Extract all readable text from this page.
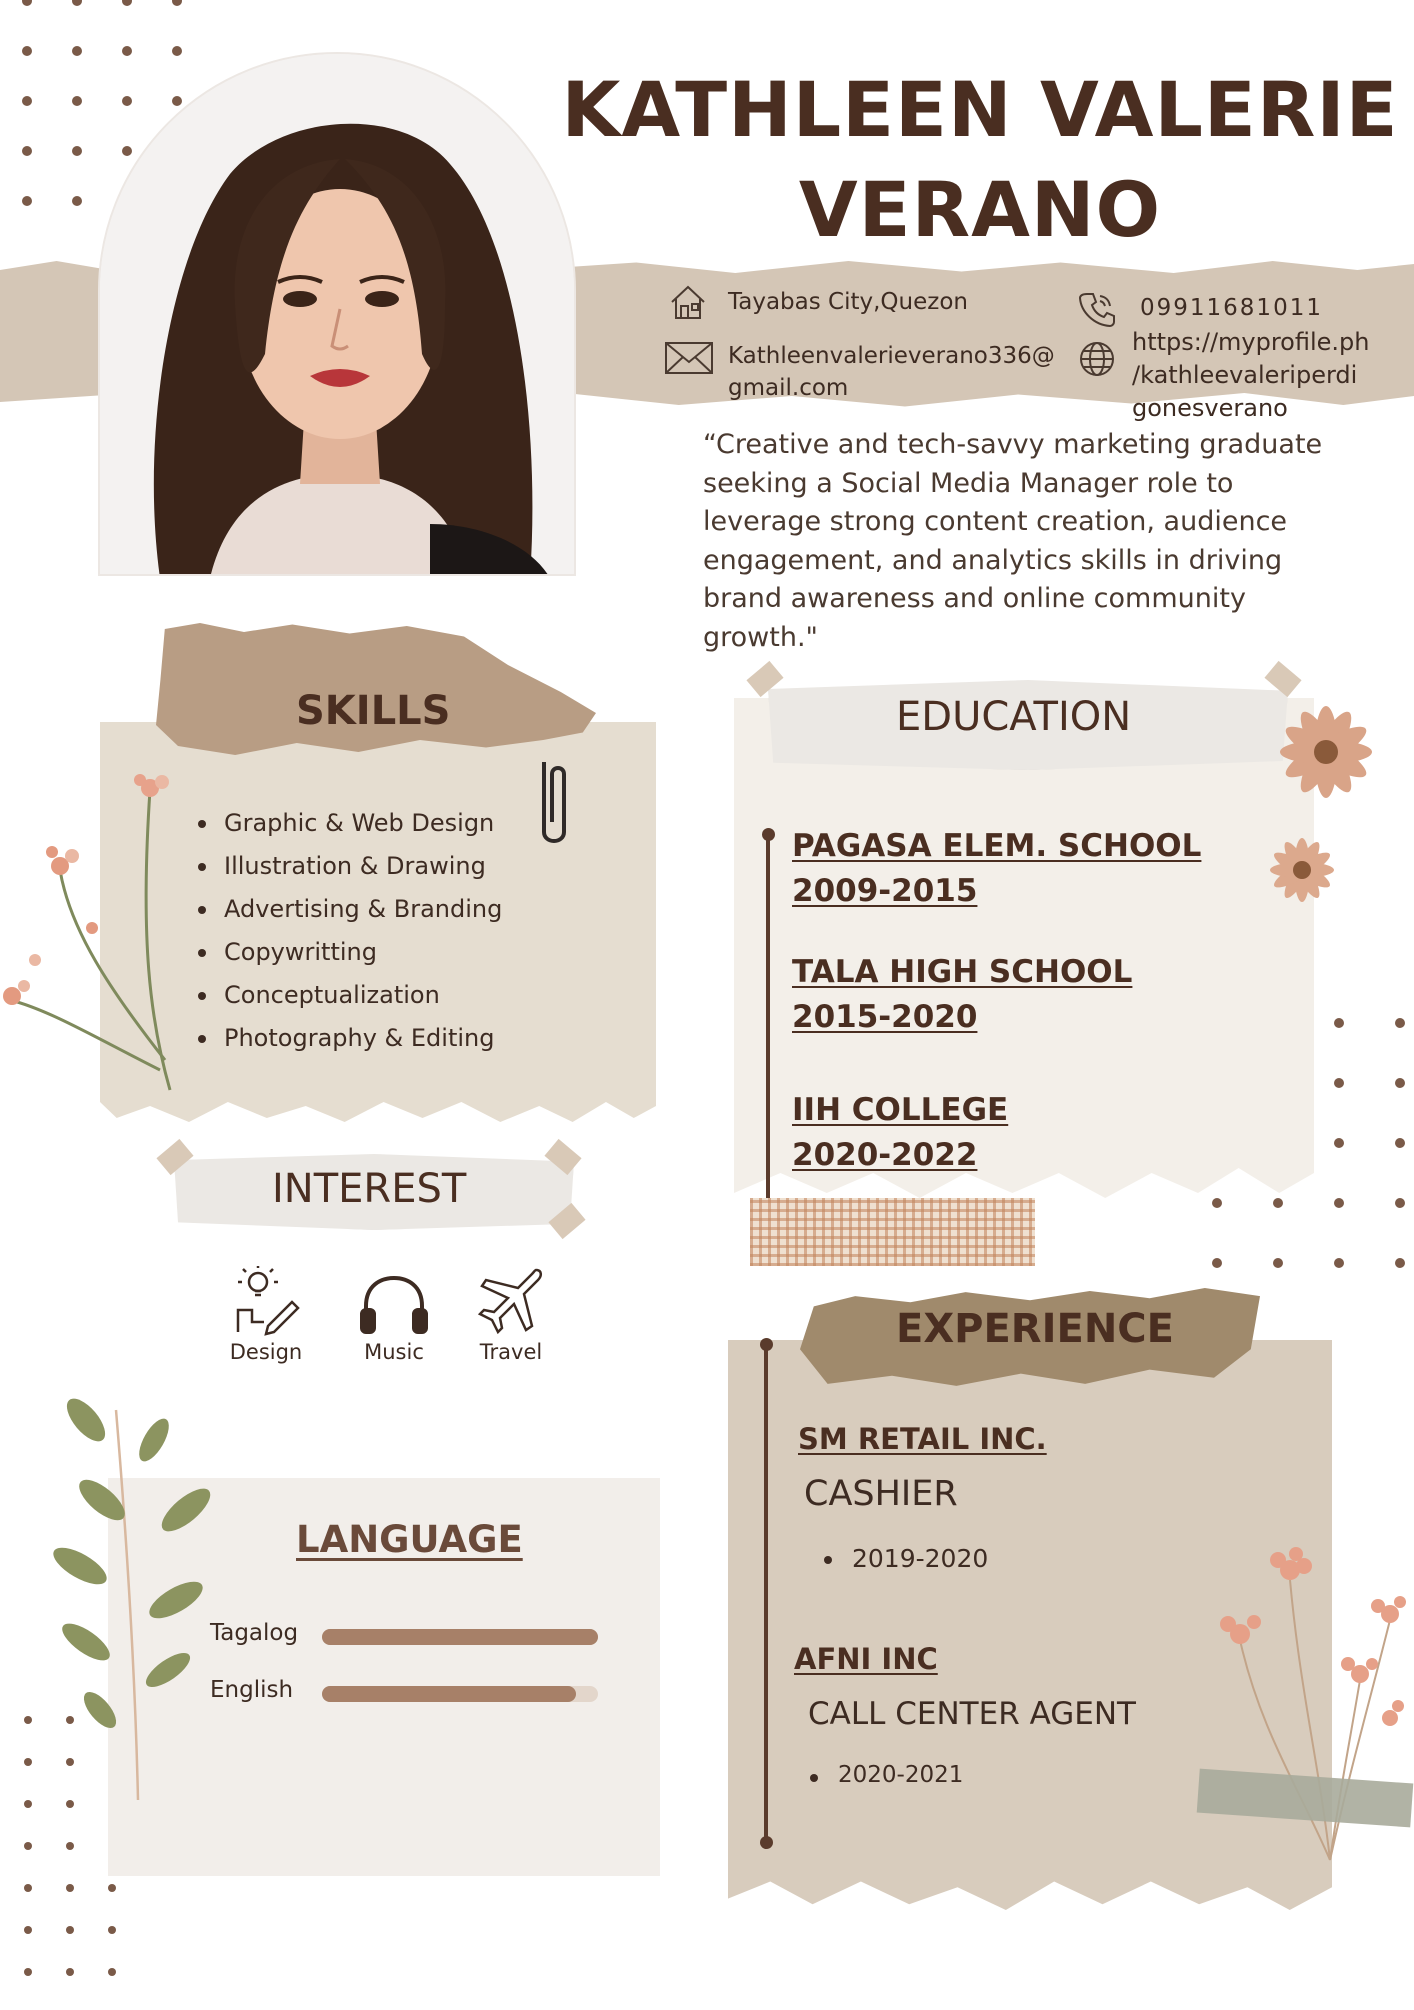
KATHLEEN VALERIE
VERANO
Tayabas City,Quezon	09911681011
Kathleenvalerieverano336@
gmail.com
https://myprofile.ph
/kathleevaleriperdi
gonesverano
“Creative and tech-savvy marketing graduate seeking a Social Media Manager role to leverage strong content creation, audience engagement, and analytics skills in driving brand awareness and online community growth."
SKILLS
Graphic & Web Design
Illustration & Drawing
Advertising & Branding
Copywritting
Conceptualization
Photography & Editing
EDUCATION
PAGASA ELEM. SCHOOL
2009-2015
TALA HIGH SCHOOL
2015-2020
IIH COLLEGE
2020-2022
INTEREST
Design	Music	Travel
LANGUAGE
Tagalog
English
EXPERIENCE
SM RETAIL INC.
CASHIER
2019-2020
AFNI INC
CALL CENTER AGENT
2020-2021
